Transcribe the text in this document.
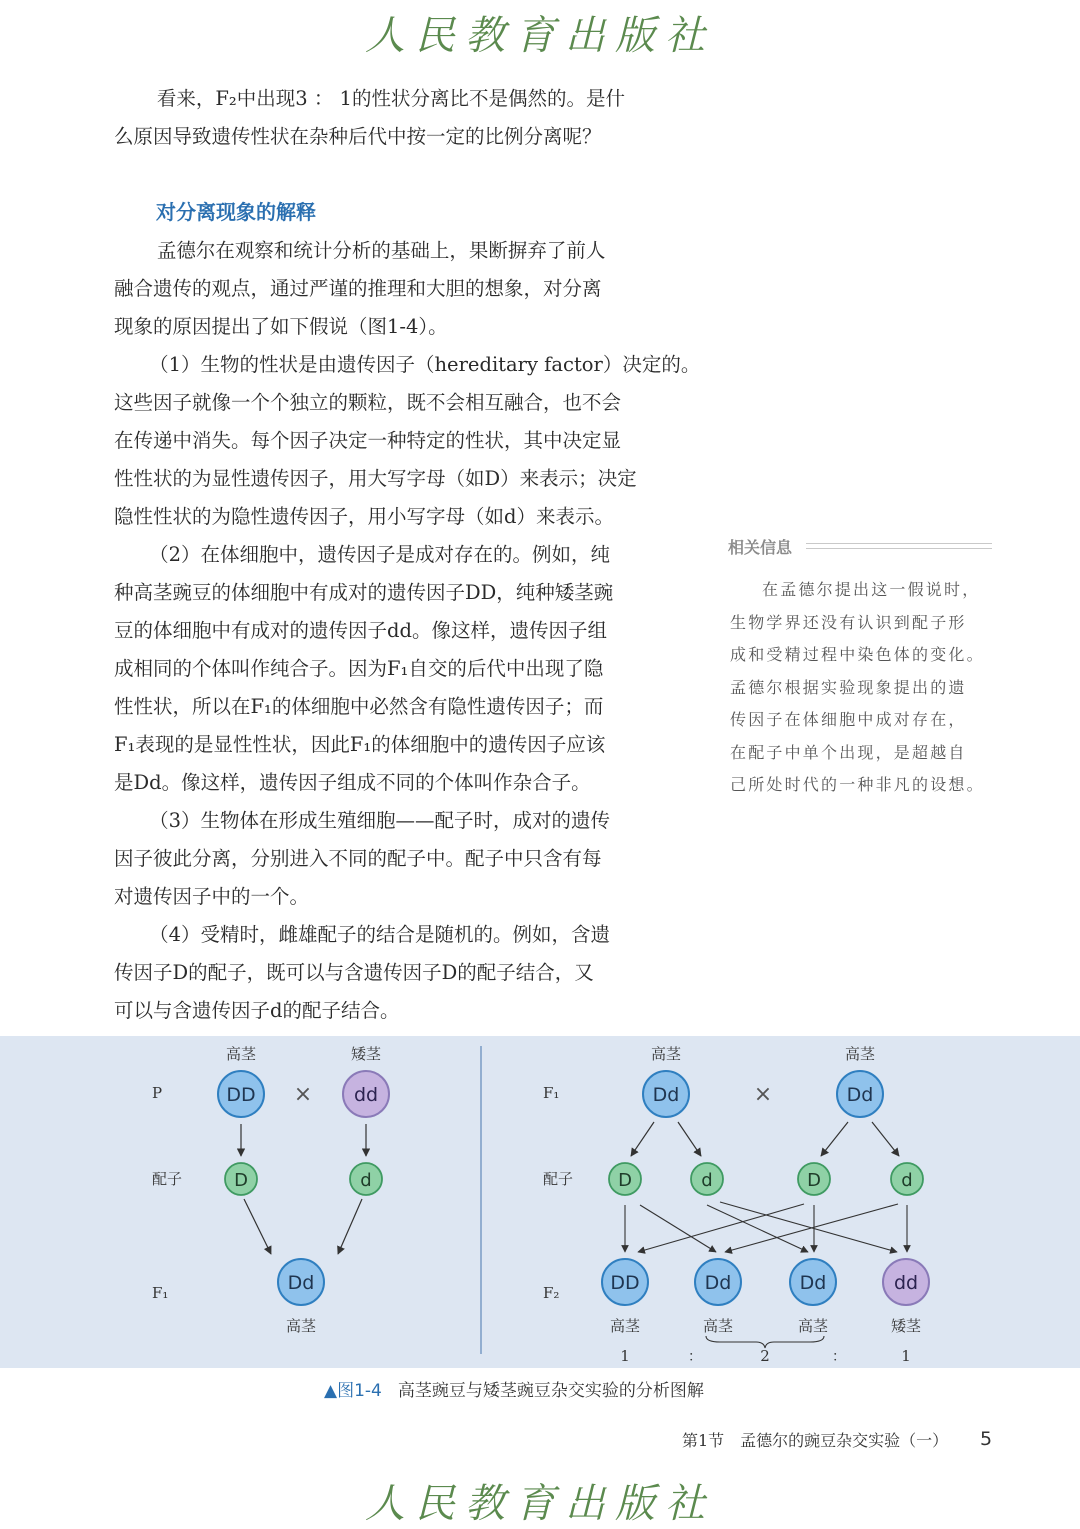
人民教育出版社
看来，F₂中出现3 ： 1的性状分离比不是偶然的。是什
么原因导致遗传性状在杂种后代中按一定的比例分离呢？
对分离现象的解释
孟德尔在观察和统计分析的基础上，果断摒弃了前人
融合遗传的观点，通过严谨的推理和大胆的想象，对分离
现象的原因提出了如下假说（图1-4）。
（1）生物的性状是由遗传因子（hereditary factor）决定的。
这些因子就像一个个独立的颗粒，既不会相互融合，也不会
在传递中消失。每个因子决定一种特定的性状，其中决定显
性性状的为显性遗传因子，用大写字母（如D）来表示；决定
隐性性状的为隐性遗传因子，用小写字母（如d）来表示。
（2）在体细胞中，遗传因子是成对存在的。例如，纯
种高茎豌豆的体细胞中有成对的遗传因子DD，纯种矮茎豌
豆的体细胞中有成对的遗传因子dd。像这样，遗传因子组
成相同的个体叫作纯合子。因为F₁自交的后代中出现了隐
性性状，所以在F₁的体细胞中必然含有隐性遗传因子；而
F₁表现的是显性性状，因此F₁的体细胞中的遗传因子应该
是Dd。像这样，遗传因子组成不同的个体叫作杂合子。
（3）生物体在形成生殖细胞——配子时，成对的遗传
因子彼此分离，分别进入不同的配子中。配子中只含有每
对遗传因子中的一个。
（4）受精时，雌雄配子的结合是随机的。例如，含遗
传因子D的配子，既可以与含遗传因子D的配子结合，又
可以与含遗传因子d的配子结合。
相关信息
在孟德尔提出这一假说时，
生物学界还没有认识到配子形
成和受精过程中染色体的变化。
孟德尔根据实验现象提出的遗
传因子在体细胞中成对存在，
在配子中单个出现，是超越自
己所处时代的一种非凡的设想。
P
配子
F₁
高茎	矮茎
DD × dd
D	d
Dd
高茎
F₁
配子
F₂
高茎	高茎
Dd	×	Dd
D	d	D	d
DD	Dd	Dd	dd
高茎	高茎	高茎	矮茎
1	：	2	：	1
▲图1-4 高茎豌豆与矮茎豌豆杂交实验的分析图解
第1节　孟德尔的豌豆杂交实验（一） 5
人民教育出版社
